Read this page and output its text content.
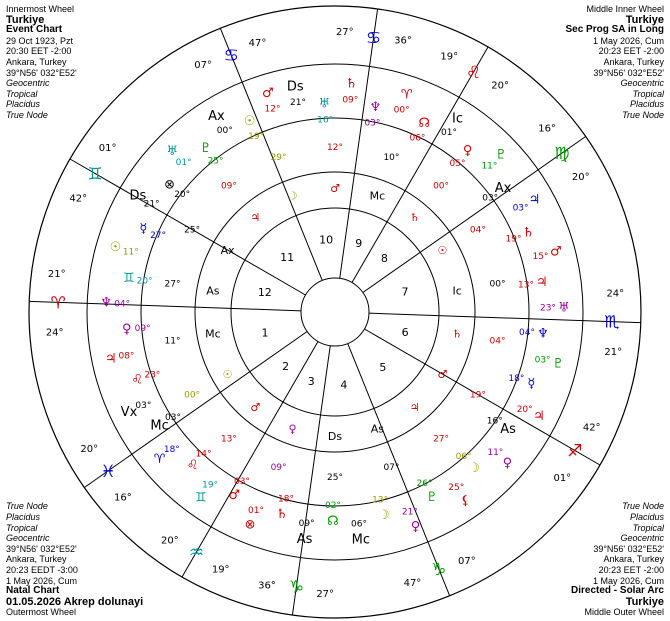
Innermost Wheel
Turkiye
Event Chart
29 Oct 1923, Pzt
20:30 EET -2:00
Ankara, Turkey
39°N56' 032°E52'
Geocentric
Tropical
Placidus
True Node
Middle Inner Wheel
Turkiye
Sec Prog SA in Long
1 May 2026, Cum
20:23 EET -2:00
Ankara, Turkey
39°N56' 032°E52'
Geocentric
Tropical
Placidus
True Node
True Node
Placidus
Tropical
Geocentric
39°N56' 032°E52'
Ankara, Turkey
20:23 EEDT -3:00
1 May 2026, Cum
Natal Chart
01.05.2026 Akrep dolunayi
Outermost Wheel
True Node
Placidus
Tropical
Geocentric
39°N56' 032°E52'
Ankara, Turkey
20:23 EET -2:00
1 May 2026, Cum
Directed - Solar Arc
Turkiye
Middle Outer Wheel
1
2
3 4
5
6
7
8
9
10
11
12
♈
24°
21°
♓
16°
20°
♒
19°
20°
♑ 27°
36°
♑ 07°
47°
♐
42°
01°
♏
24°
21°
♍
16°
20°
♌
19°
20°
♋
27°
36°
♋
07°
47°
♊
42°
01°
Ds
21° ♅
16°
♄
09° ♆
03°
♈
00°
☊
06°
Ic
01°
♀
05°
♇
11°
Ax
03° ♃
03°
♄
19°
♂
15°
♃
13°
♅
23°
♆
04°
♇
03°
☿
18°
♃
20°
As
16°
♀
11°
☽
06°
⚸
25°
♇
26°
♀
21°
☽
13°
Mc
06°
☊
02°
As
09°
♄
18°
⊗
01°
♂
03°
♊
19°
♌
14°
♈
18°
Mc
03°
Vx
03°
♌ 23°
♃ 08°
♀ 09°
♆ 04°
♊ 20°
☉ 11°
☿ 27°
Ds
21°
⊗
20°
♅
01°
♇
25°
Ax
00°
☉
19°
♂
12°
Ax
25°
♃
09°
☽
29°
♂
12°
Mc
10°
♄
00°
☉
04°
Ic
00°
♄
04°
♂
19°
♃
27°
As
07°
Ds
25°
♀
09°
♂
13°
☉
00°
Mc
11°
As
27°
